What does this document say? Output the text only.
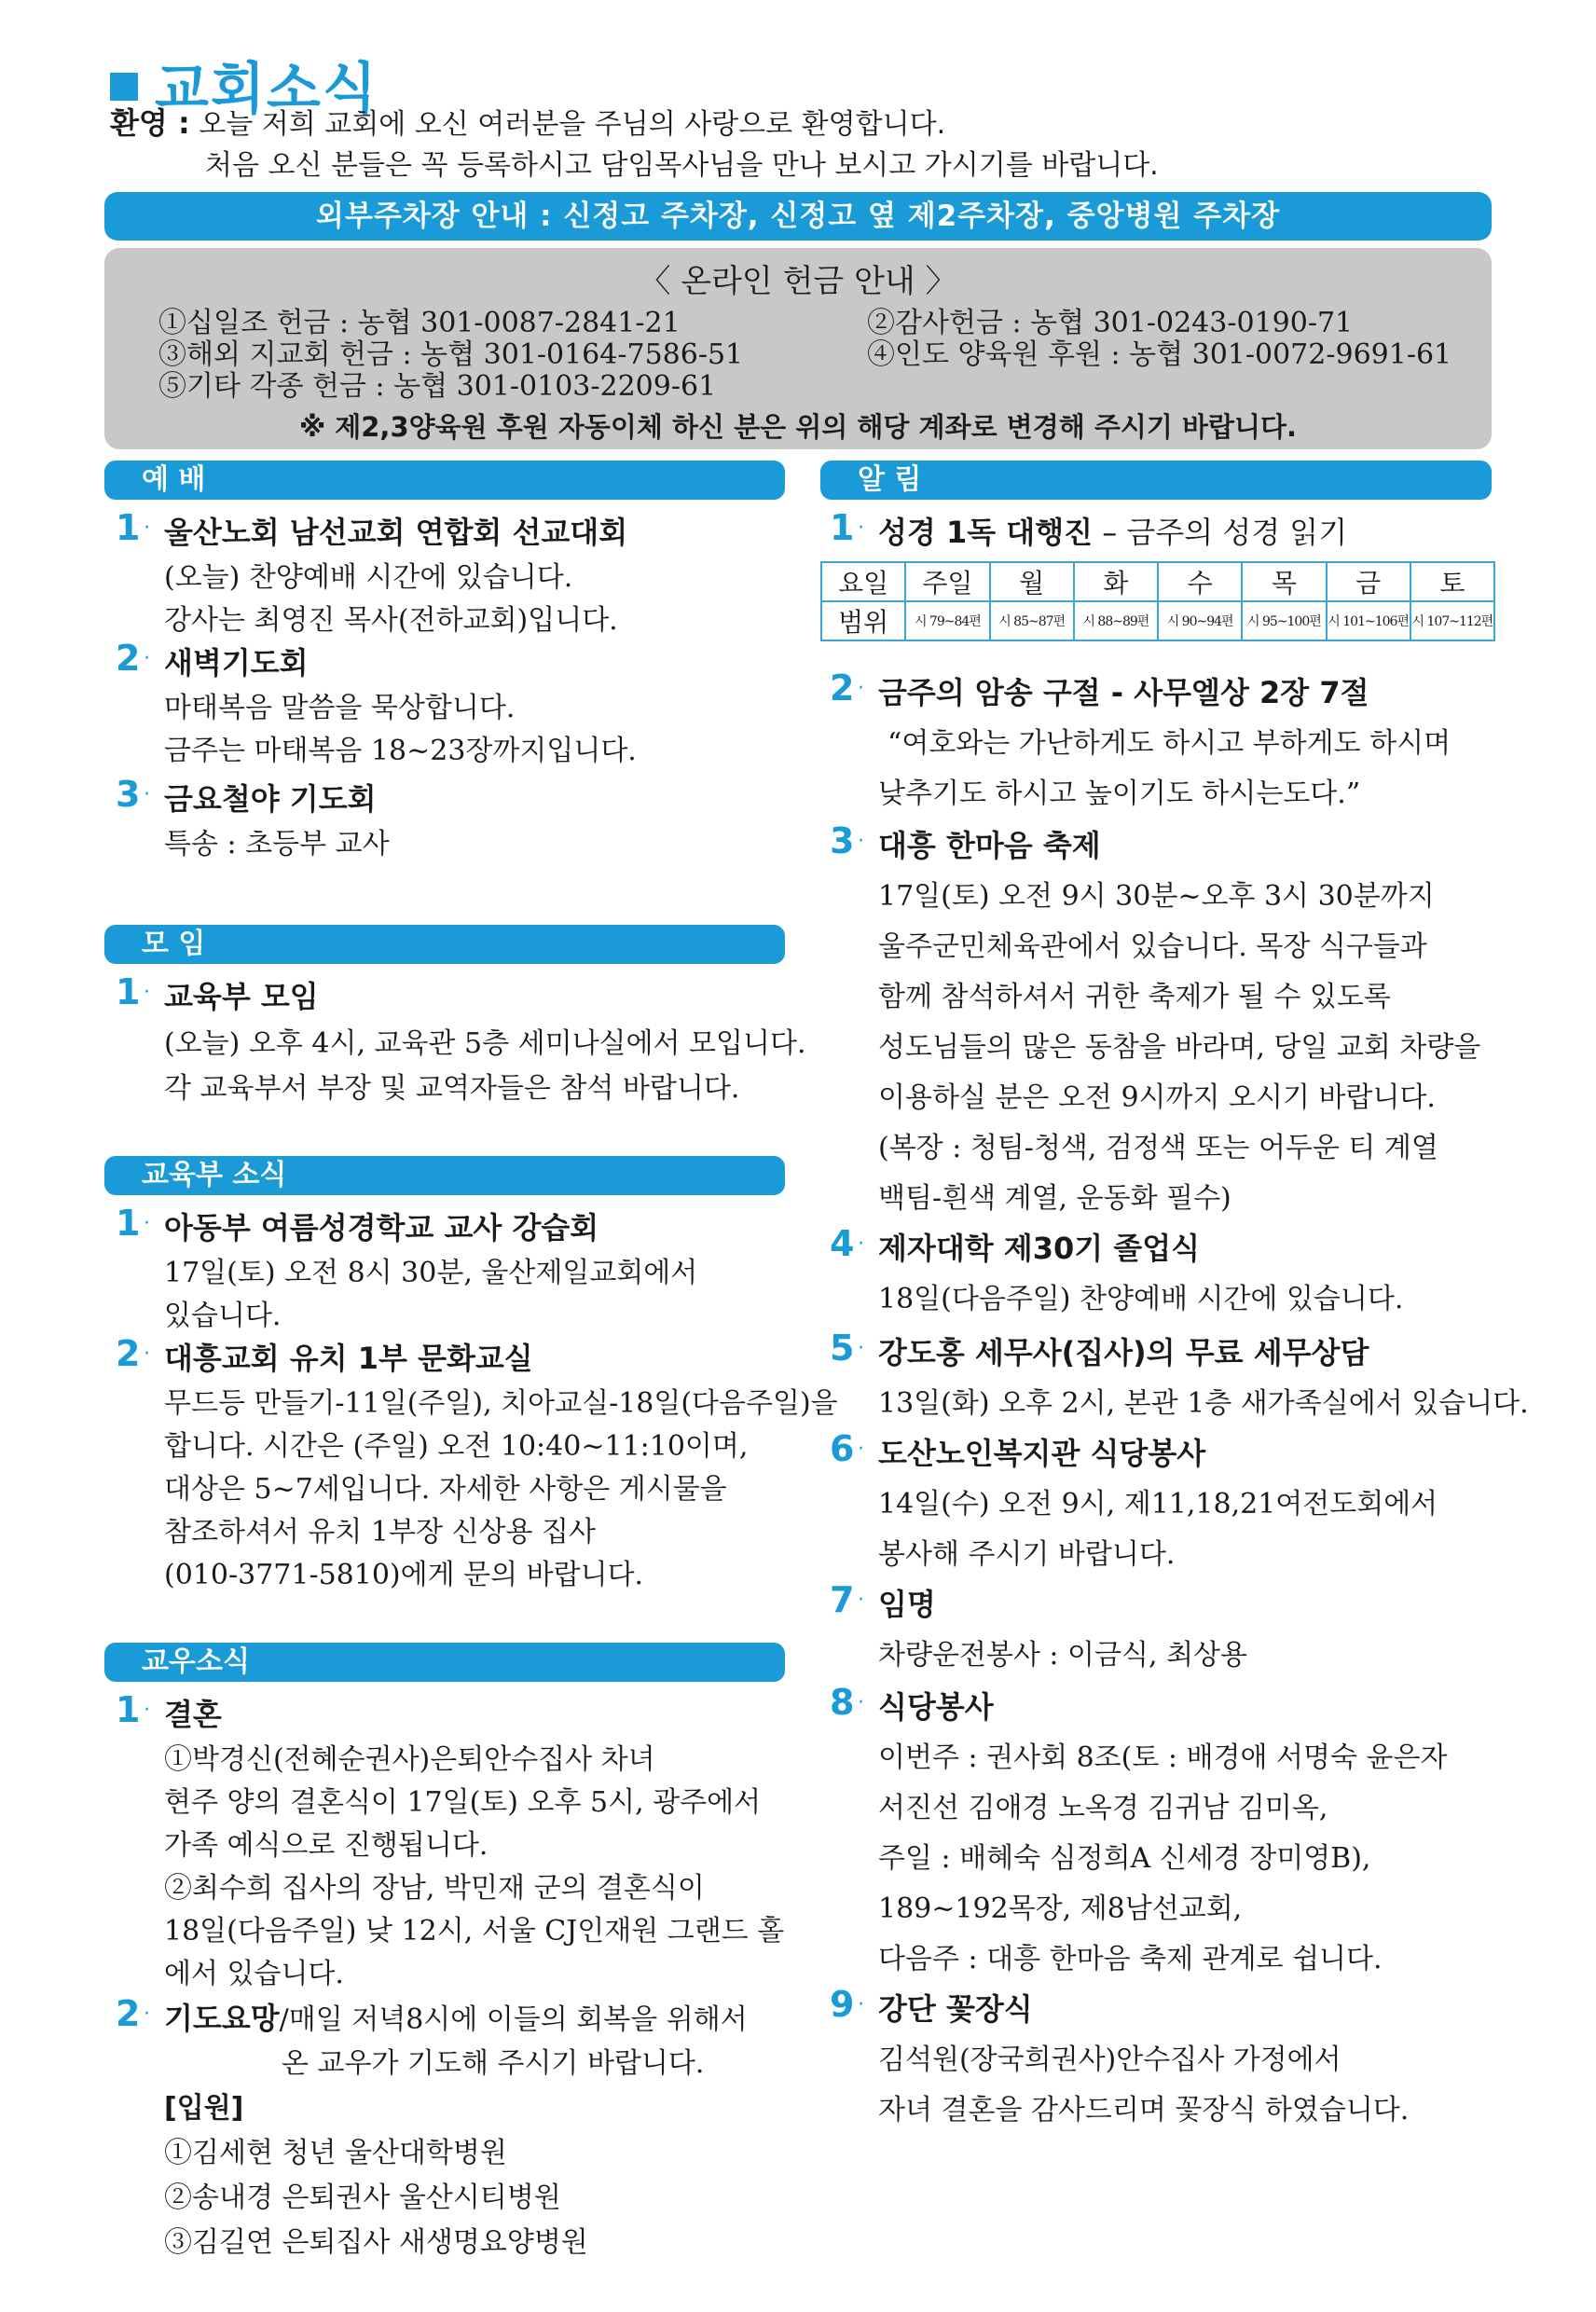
교회소식
환영 : 오늘 저희 교회에 오신 여러분을 주님의 사랑으로 환영합니다.
처음 오신 분들은 꼭 등록하시고 담임목사님을 만나 보시고 가시기를 바랍니다.
외부주차장 안내 : 신정고 주차장, 신정고 옆 제2주차장, 중앙병원 주차장
〈 온라인 헌금 안내 〉
①십일조 헌금 : 농협 301-0087-2841-21	②감사헌금 : 농협 301-0243-0190-71
③해외 지교회 헌금 : 농협 301-0164-7586-51	④인도 양육원 후원 : 농협 301-0072-9691-61
⑤기타 각종 헌금 : 농협 301-0103-2209-61
※ 제2,3양육원 후원 자동이체 하신 분은 위의 해당 계좌로 변경해 주시기 바랍니다.
예 배
1 · 울산노회 남선교회 연합회 선교대회
(오늘) 찬양예배 시간에 있습니다.
강사는 최영진 목사(전하교회)입니다.
2 · 새벽기도회
마태복음 말씀을 묵상합니다.
금주는 마태복음 18~23장까지입니다.
3 · 금요철야 기도회
특송 : 초등부 교사
모 임
1 · 교육부 모임
(오늘) 오후 4시, 교육관 5층 세미나실에서 모입니다.
각 교육부서 부장 및 교역자들은 참석 바랍니다.
교육부 소식
1 · 아동부 여름성경학교 교사 강습회
17일(토) 오전 8시 30분, 울산제일교회에서
있습니다.
2 · 대흥교회 유치 1부 문화교실
무드등 만들기-11일(주일), 치아교실-18일(다음주일)을
합니다. 시간은 (주일) 오전 10:40~11:10이며,
대상은 5~7세입니다. 자세한 사항은 게시물을
참조하셔서 유치 1부장 신상용 집사
(010-3771-5810)에게 문의 바랍니다.
교우소식
1 · 결혼
①박경신(전혜순권사)은퇴안수집사 차녀
현주 양의 결혼식이 17일(토) 오후 5시, 광주에서
가족 예식으로 진행됩니다.
②최수희 집사의 장남, 박민재 군의 결혼식이
18일(다음주일) 낮 12시, 서울 CJ인재원 그랜드 홀
에서 있습니다.
2 · 기도요망/매일 저녁8시에 이들의 회복을 위해서
온 교우가 기도해 주시기 바랍니다.
[입원]
①김세현 청년 울산대학병원
②송내경 은퇴권사 울산시티병원
③김길연 은퇴집사 새생명요양병원
알 림
1 · 성경 1독 대행진 – 금주의 성경 읽기
요일	주일	월	화	수	목	금	토
범위	시 79~84편	시 85~87편	시 88~89편	시 90~94편	시 95~100편	시 101~106편	시 107~112편
2 · 금주의 암송 구절 - 사무엘상 2장 7절
“여호와는 가난하게도 하시고 부하게도 하시며
낮추기도 하시고 높이기도 하시는도다.”
3 · 대흥 한마음 축제
17일(토) 오전 9시 30분~오후 3시 30분까지
울주군민체육관에서 있습니다. 목장 식구들과
함께 참석하셔서 귀한 축제가 될 수 있도록
성도님들의 많은 동참을 바라며, 당일 교회 차량을
이용하실 분은 오전 9시까지 오시기 바랍니다.
(복장 : 청팀-청색, 검정색 또는 어두운 티 계열
백팀-흰색 계열, 운동화 필수)
4 · 제자대학 제30기 졸업식
18일(다음주일) 찬양예배 시간에 있습니다.
5 · 강도홍 세무사(집사)의 무료 세무상담
13일(화) 오후 2시, 본관 1층 새가족실에서 있습니다.
6 · 도산노인복지관 식당봉사
14일(수) 오전 9시, 제11,18,21여전도회에서
봉사해 주시기 바랍니다.
7 · 임명
차량운전봉사 : 이금식, 최상용
8 · 식당봉사
이번주 : 권사회 8조(토 : 배경애 서명숙 윤은자
서진선 김애경 노옥경 김귀남 김미옥,
주일 : 배혜숙 심정희A 신세경 장미영B),
189~192목장, 제8남선교회,
다음주 : 대흥 한마음 축제 관계로 쉽니다.
9 · 강단 꽃장식
김석원(장국희권사)안수집사 가정에서
자녀 결혼을 감사드리며 꽃장식 하였습니다.
